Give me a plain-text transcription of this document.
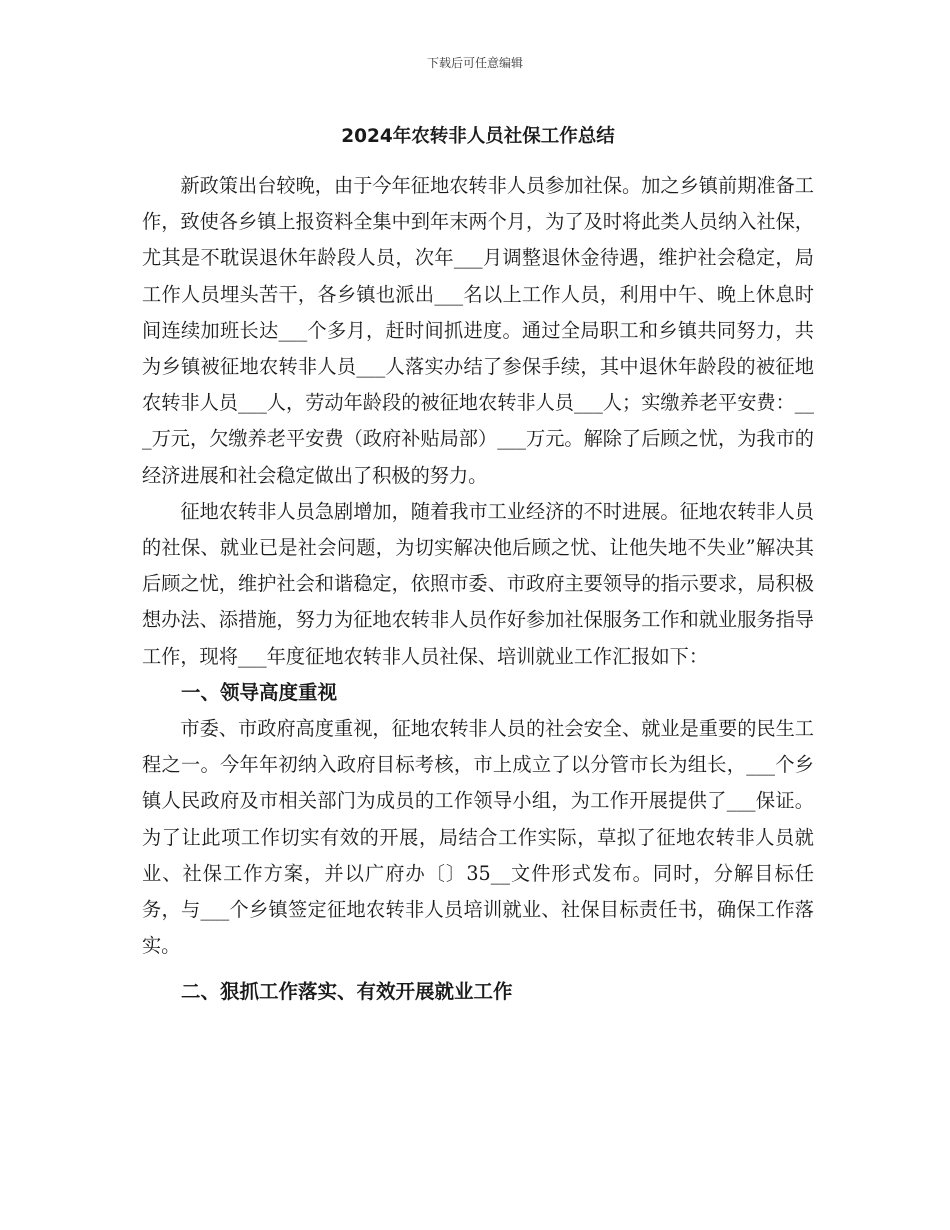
下载后可任意编辑
2024年农转非人员社保工作总结

新政策出台较晚，由于今年征地农转非人员参加社保。加之乡镇前期准备工作，致使各乡镇上报资料全集中到年末两个月，为了及时将此类人员纳入社保，尤其是不耽误退休年龄段人员，次年___月调整退休金待遇，维护社会稳定，局工作人员埋头苦干，各乡镇也派出___名以上工作人员，利用中午、晚上休息时间连续加班长达___个多月，赶时间抓进度。通过全局职工和乡镇共同努力，共为乡镇被征地农转非人员___人落实办结了参保手续，其中退休年龄段的被征地农转非人员___人，劳动年龄段的被征地农转非人员___人；实缴养老平安费：___万元，欠缴养老平安费（政府补贴局部）___万元。解除了后顾之忧，为我市的经济进展和社会稳定做出了积极的努力。

征地农转非人员急剧增加，随着我市工业经济的不时进展。征地农转非人员的社保、就业已是社会问题，为切实解决他后顾之忧、让他失地不失业”解决其后顾之忧，维护社会和谐稳定，依照市委、市政府主要领导的指示要求，局积极想办法、添措施，努力为征地农转非人员作好参加社保服务工作和就业服务指导工作，现将___年度征地农转非人员社保、培训就业工作汇报如下：

一、领导高度重视

市委、市政府高度重视，征地农转非人员的社会安全、就业是重要的民生工程之一。今年年初纳入政府目标考核，市上成立了以分管市长为组长，___个乡镇人民政府及市相关部门为成员的工作领导小组，为工作开展提供了___保证。为了让此项工作切实有效的开展，局结合工作实际，草拟了征地农转非人员就业、社保工作方案，并以广府办〔〕35__文件形式发布。同时，分解目标任务，与___个乡镇签定征地农转非人员培训就业、社保目标责任书，确保工作落实。

二、狠抓工作落实、有效开展就业工作
